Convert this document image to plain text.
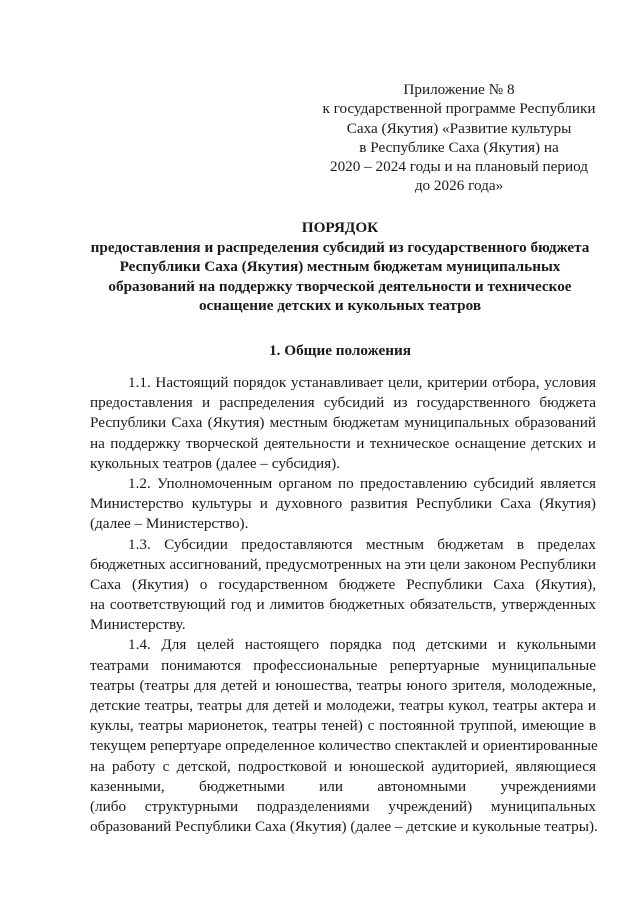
Приложение № 8
к государственной программе Республики
Саха (Якутия) «Развитие культуры
в Республике Саха (Якутия) на
2020 – 2024 годы и на плановый период
до 2026 года»
ПОРЯДОК
предоставления и распределения субсидий из государственного бюджета
Республики Саха (Якутия) местным бюджетам муниципальных
образований на поддержку творческой деятельности и техническое
оснащение детских и кукольных театров
1. Общие положения
1.1. Настоящий порядок устанавливает цели, критерии отбора, условия
предоставления и распределения субсидий из государственного бюджета
Республики Саха (Якутия) местным бюджетам муниципальных образований
на поддержку творческой деятельности и техническое оснащение детских и
кукольных театров (далее – субсидия).
1.2. Уполномоченным органом по предоставлению субсидий является
Министерство культуры и духовного развития Республики Саха (Якутия)
(далее – Министерство).
1.3. Субсидии предоставляются местным бюджетам в пределах
бюджетных ассигнований, предусмотренных на эти цели законом Республики
Саха (Якутия) о государственном бюджете Республики Саха (Якутия),
на соответствующий год и лимитов бюджетных обязательств, утвержденных
Министерству.
1.4. Для целей настоящего порядка под детскими и кукольными
театрами понимаются профессиональные репертуарные муниципальные
театры (театры для детей и юношества, театры юного зрителя, молодежные,
детские театры, театры для детей и молодежи, театры кукол, театры актера и
куклы, театры марионеток, театры теней) с постоянной труппой, имеющие в
текущем репертуаре определенное количество спектаклей и ориентированные
на работу с детской, подростковой и юношеской аудиторией, являющиеся
казенными, бюджетными или автономными учреждениями
(либо структурными подразделениями учреждений) муниципальных
образований Республики Саха (Якутия) (далее – детские и кукольные театры).
